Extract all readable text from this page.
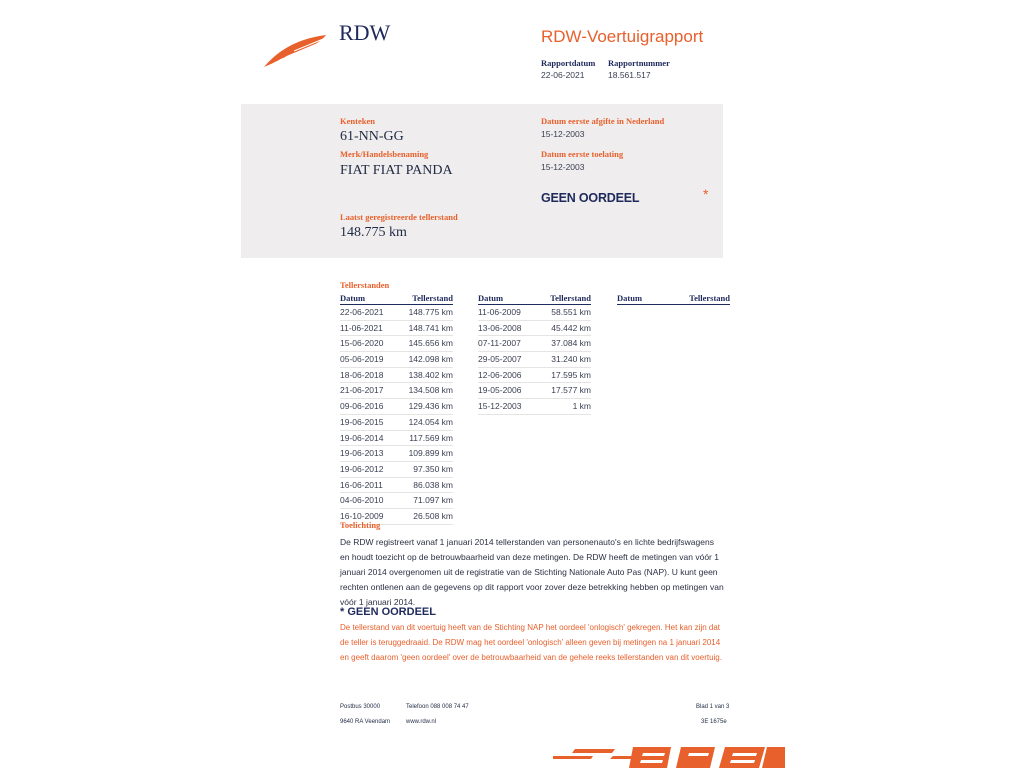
RDW	RDW-Voertuigrapport
Rapportdatum
22-06-2021
Rapportnummer
18.561.517
Kenteken
61-NN-GG
Merk/Handelsbenaming
FIAT FIAT PANDA
Laatst geregistreerde tellerstand
148.775 km
Datum eerste afgifte in Nederland
15-12-2003
Datum eerste toelating
15-12-2003
GEEN OORDEEL	*
Tellerstanden
Datum	Tellerstand
22-06-2021	148.775 km
11-06-2021	148.741 km
15-06-2020	145.656 km
05-06-2019	142.098 km
18-06-2018	138.402 km
21-06-2017	134.508 km
09-06-2016	129.436 km
19-06-2015	124.054 km
19-06-2014	117.569 km
19-06-2013	109.899 km
19-06-2012	97.350 km
16-06-2011	86.038 km
04-06-2010	71.097 km
16-10-2009	26.508 km
Datum	Tellerstand
11-06-2009	58.551 km
13-06-2008	45.442 km
07-11-2007	37.084 km
29-05-2007	31.240 km
12-06-2006	17.595 km
19-05-2006	17.577 km
15-12-2003	1 km
Datum	Tellerstand
Toelichting
De RDW registreert vanaf 1 januari 2014 tellerstanden van personenauto's en lichte bedrijfswagens en houdt toezicht op de betrouwbaarheid van deze metingen. De RDW heeft de metingen van vóór 1 januari 2014 overgenomen uit de registratie van de Stichting Nationale Auto Pas (NAP). U kunt geen rechten ontlenen aan de gegevens op dit rapport voor zover deze betrekking hebben op metingen van vóór 1 januari 2014.
* GEEN OORDEEL
De tellerstand van dit voertuig heeft van de Stichting NAP het oordeel 'onlogisch' gekregen. Het kan zijn dat de teller is teruggedraaid. De RDW mag het oordeel 'onlogisch' alleen geven bij metingen na 1 januari 2014 en geeft daarom 'geen oordeel' over de betrouwbaarheid van de gehele reeks tellerstanden van dit voertuig.
Postbus 30000
9640 RA Veendam
Telefoon 088 008 74 47
www.rdw.nl
Blad 1 van 3
3E 1675e
